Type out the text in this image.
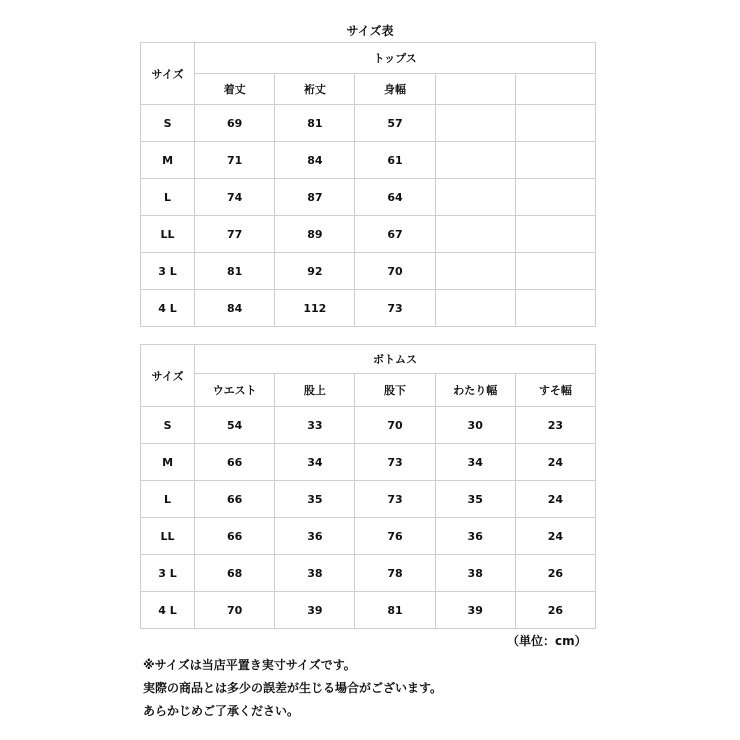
サイズ表
サイズ	トップス				
	着丈	裄丈	身幅		
S	69	81	57		
M	71	84	61		
L	74	87	64		
LL	77	89	67		
3 L	81	92	70		
4 L	84	112	73		
サイズ	ボトムス				
	ウエスト	股上	股下	わたり幅	すそ幅
S	54	33	70	30	23
M	66	34	73	34	24
L	66	35	73	35	24
LL	66	36	76	36	24
3 L	68	38	78	38	26
4 L	70	39	81	39	26
（単位：cm）
※サイズは当店平置き実寸サイズです。
実際の商品とは多少の誤差が生じる場合がございます。
あらかじめご了承ください。
